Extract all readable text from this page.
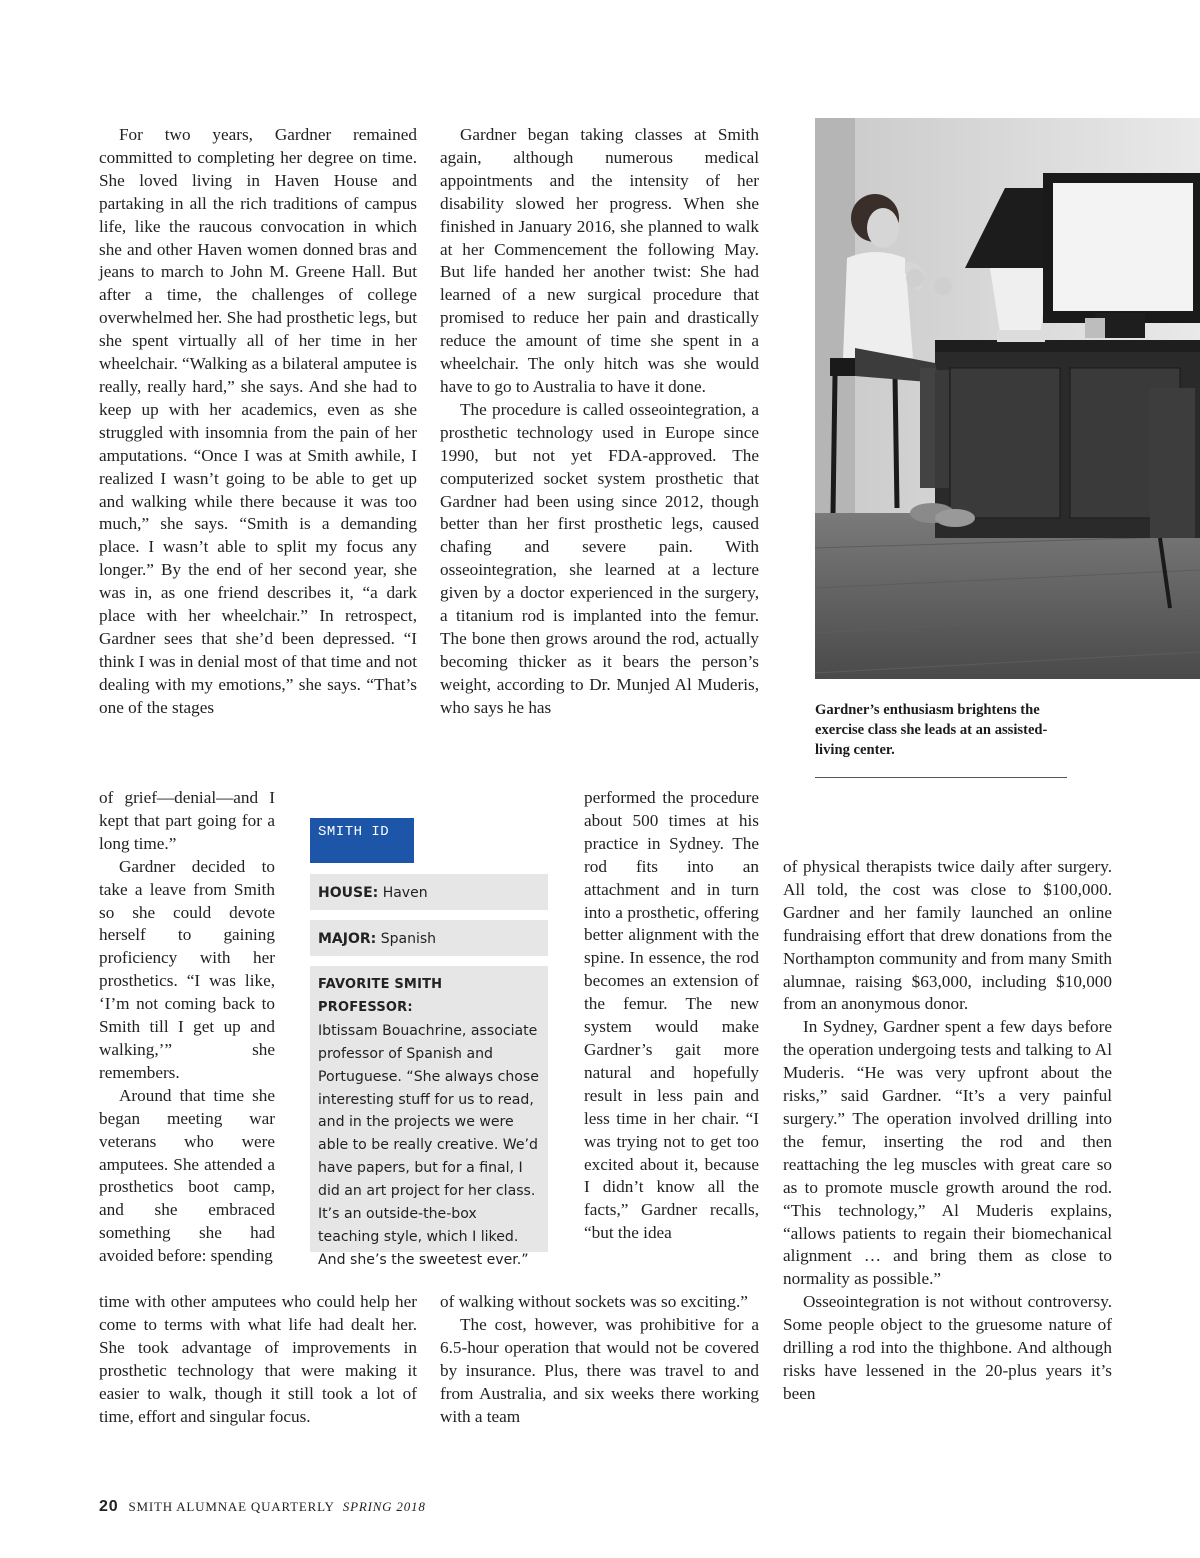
For two years, Gardner remained committed to completing her degree on time. She loved living in Haven House and partaking in all the rich traditions of campus life, like the raucous convocation in which she and other Haven women donned bras and jeans to march to John M. Greene Hall. But after a time, the challenges of college overwhelmed her. She had prosthetic legs, but she spent virtually all of her time in her wheelchair. “Walking as a bilateral amputee is really, really hard,” she says. And she had to keep up with her academics, even as she struggled with insomnia from the pain of her amputations. “Once I was at Smith awhile, I realized I wasn’t going to be able to get up and walking while there because it was too much,” she says. “Smith is a demanding place. I wasn’t able to split my focus any longer.” By the end of her second year, she was in, as one friend describes it, “a dark place with her wheelchair.” In retrospect, Gardner sees that she’d been depressed. “I think I was in denial most of that time and not dealing with my emotions,” she says. “That’s one of the stages

of grief—denial—and I kept that part going for a long time.”

Gardner decided to take a leave from Smith so she could devote herself to gaining proficiency with her prosthetics. “I was like, ‘I’m not coming back to Smith till I get up and walking,’” she remembers.

Around that time she began meeting war veterans who were amputees. She attended a prosthetics boot camp, and she embraced something she had avoided before: spending

time with other amputees who could help her come to terms with what life had dealt her. She took advantage of improvements in prosthetic technology that were making it easier to walk, though it still took a lot of time, effort and singular focus.

Gardner began taking classes at Smith again, although numerous medical appointments and the intensity of her disability slowed her progress. When she finished in January 2016, she planned to walk at her Commencement the following May. But life handed her another twist: She had learned of a new surgical procedure that promised to reduce her pain and drastically reduce the amount of time she spent in a wheelchair. The only hitch was she would have to go to Australia to have it done.

The procedure is called osseointegration, a prosthetic technology used in Europe since 1990, but not yet FDA-approved. The computerized socket system prosthetic that Gardner had been using since 2012, though better than her first prosthetic legs, caused chafing and severe pain. With osseointegration, she learned at a lecture given by a doctor experienced in the surgery, a titanium rod is implanted into the femur. The bone then grows around the rod, actually becoming thicker as it bears the person’s weight, according to Dr. Munjed Al Muderis, who says he has

performed the procedure about 500 times at his practice in Sydney. The rod fits into an attachment and in turn into a prosthetic, offering better alignment with the spine. In essence, the rod becomes an extension of the femur. The new system would make Gardner’s gait more natural and hopefully result in less pain and less time in her chair. “I was trying not to get too excited about it, because I didn’t know all the facts,” Gardner recalls, “but the idea

of walking without sockets was so exciting.”

The cost, however, was prohibitive for a 6.5-hour operation that would not be covered by insurance. Plus, there was travel to and from Australia, and six weeks there working with a team

of physical therapists twice daily after surgery. All told, the cost was close to $100,000. Gardner and her family launched an online fundraising effort that drew donations from the Northampton community and from many Smith alumnae, raising $63,000, including $10,000 from an anonymous donor.

In Sydney, Gardner spent a few days before the operation undergoing tests and talking to Al Muderis. “He was very upfront about the risks,” said Gardner. “It’s a very painful surgery.” The operation involved drilling into the femur, inserting the rod and then reattaching the leg muscles with great care so as to promote muscle growth around the rod. “This technology,” Al Muderis explains, “allows patients to regain their biomechanical alignment … and bring them as close to normality as possible.”

Osseointegration is not without controversy. Some people object to the gruesome nature of drilling a rod into the thighbone. And although risks have lessened in the 20-plus years it’s been

Gardner’s enthusiasm brightens the exercise class she leads at an assisted-living center.
SMITH ID
HOUSE: Haven
MAJOR: Spanish
FAVORITE SMITH PROFESSOR:
Ibtissam Bouachrine, associate professor of Spanish and Portuguese. “She always chose interesting stuff for us to read, and in the projects we were able to be really creative. We’d have papers, but for a final, I did an art project for her class. It’s an outside-the-box teaching style, which I liked. And she’s the sweetest ever.”
20 SMITH ALUMNAE QUARTERLY SPRING 2018
